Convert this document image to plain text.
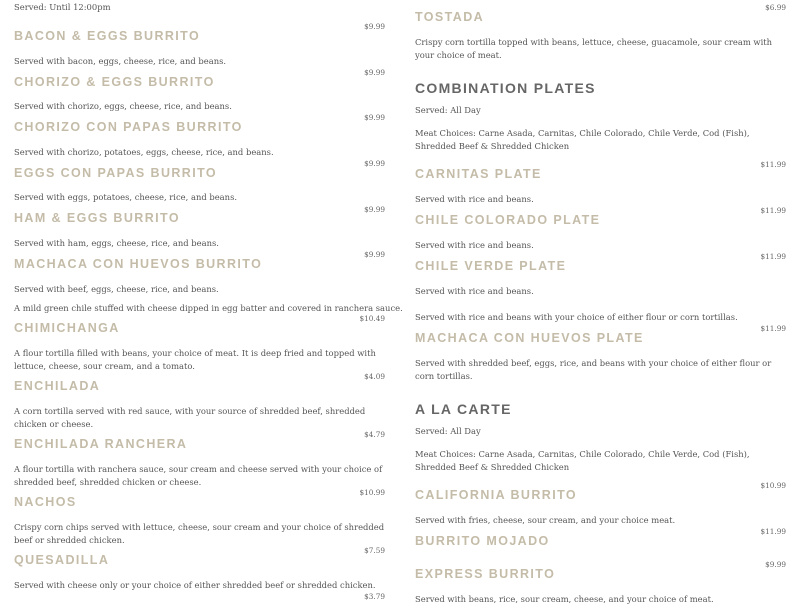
Served: Until 12:00pm
$9.99
BACON & EGGS BURRITO
Served with bacon, eggs, cheese, rice, and beans.
$9.99
CHORIZO & EGGS BURRITO
Served with chorizo, eggs, cheese, rice, and beans.
$9.99
CHORIZO CON PAPAS BURRITO
Served with chorizo, potatoes, eggs, cheese, rice, and beans.
$9.99
EGGS CON PAPAS BURRITO
Served with eggs, potatoes, cheese, rice, and beans.
$9.99
HAM & EGGS BURRITO
Served with ham, eggs, cheese, rice, and beans.
$9.99
MACHACA CON HUEVOS BURRITO
Served with beef, eggs, cheese, rice, and beans.
A mild green chile stuffed with cheese dipped in egg batter and covered in ranchera sauce.
$10.49
CHIMICHANGA
A flour tortilla filled with beans, your choice of meat. It is deep fried and topped with lettuce, cheese, sour cream, and a tomato.
$4.09
ENCHILADA
A corn tortilla served with red sauce, with your source of shredded beef, shredded chicken or cheese.
$4.79
ENCHILADA RANCHERA
A flour tortilla with ranchera sauce, sour cream and cheese served with your choice of shredded beef, shredded chicken or cheese.
$10.99
NACHOS
Crispy corn chips served with lettuce, cheese, sour cream and your choice of shredded beef or shredded chicken.
$7.59
QUESADILLA
Served with cheese only or your choice of either shredded beef or shredded chicken.
$3.79
$6.99
TOSTADA
Crispy corn tortilla topped with beans, lettuce, cheese, guacamole, sour cream with your choice of meat.
COMBINATION PLATES
Served: All Day
Meat Choices: Carne Asada, Carnitas, Chile Colorado, Chile Verde, Cod (Fish), Shredded Beef & Shredded Chicken
$11.99
CARNITAS PLATE
Served with rice and beans.
$11.99
CHILE COLORADO PLATE
Served with rice and beans.
$11.99
CHILE VERDE PLATE
Served with rice and beans.
Served with rice and beans with your choice of either flour or corn tortillas.
$11.99
MACHACA CON HUEVOS PLATE
Served with shredded beef, eggs, rice, and beans with your choice of either flour or corn tortillas.
A LA CARTE
Served: All Day
Meat Choices: Carne Asada, Carnitas, Chile Colorado, Chile Verde, Cod (Fish), Shredded Beef & Shredded Chicken
$10.99
CALIFORNIA BURRITO
Served with fries, cheese, sour cream, and your choice meat.
$11.99
BURRITO MOJADO
$9.99
EXPRESS BURRITO
Served with beans, rice, sour cream, cheese, and your choice of meat.
